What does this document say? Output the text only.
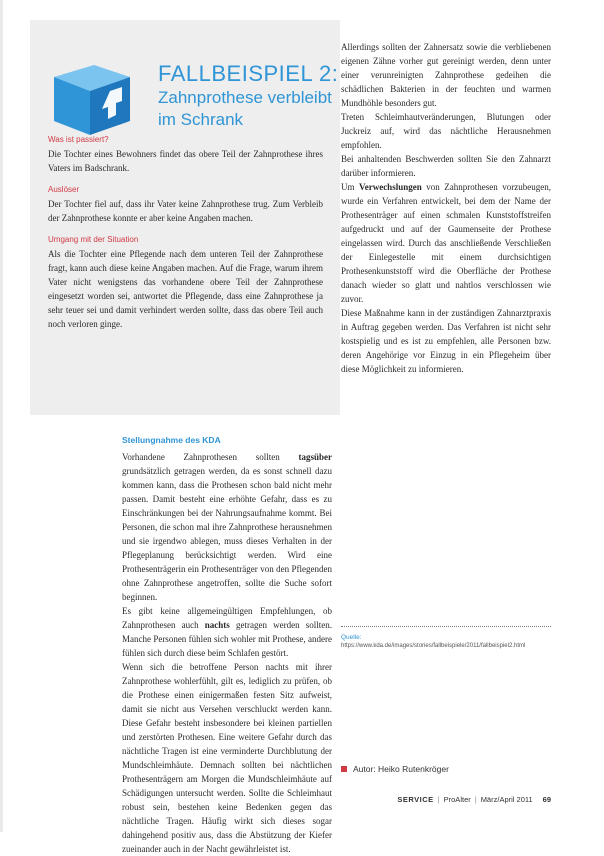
FALLBEISPIEL 2:
Zahnprothese verbleibt
im Schrank
Was ist passiert?
Die Tochter eines Bewohners findet das obere Teil der Zahnprothese ihres Vaters im Badschrank.
Auslöser
Der Tochter fiel auf, dass ihr Vater keine Zahnprothese trug. Zum Verbleib der Zahnprothese konnte er aber keine Angaben machen.
Umgang mit der Situation
Als die Tochter eine Pflegende nach dem unteren Teil der Zahnprothese fragt, kann auch diese keine Angaben machen. Auf die Frage, warum ihrem Vater nicht wenigstens das vorhandene obere Teil der Zahnprothese eingesetzt worden sei, antwortet die Pflegende, dass eine Zahnprothese ja sehr teuer sei und damit verhindert werden sollte, dass das obere Teil auch noch verloren ginge.
Stellungnahme des KDA

Vorhandene Zahnprothesen sollten tagsüber grundsätzlich getragen werden, da es sonst schnell dazu kommen kann, dass die Prothesen schon bald nicht mehr passen. Damit besteht eine erhöhte Gefahr, dass es zu Einschränkungen bei der Nahrungsaufnahme kommt. Bei Personen, die schon mal ihre Zahnprothese herausnehmen und sie irgendwo ablegen, muss dieses Verhalten in der Pflegeplanung berücksichtigt werden. Wird eine Prothesenträgerin ein Prothesenträger von den Pflegenden ohne Zahnprothese angetroffen, sollte die Suche sofort beginnen.

Es gibt keine allgemeingültigen Empfehlungen, ob Zahnprothesen auch nachts getragen werden sollten. Manche Personen fühlen sich wohler mit Prothese, andere fühlen sich durch diese beim Schlafen gestört.

Wenn sich die betroffene Person nachts mit ihrer Zahnprothese wohlerfühlt, gilt es, lediglich zu prüfen, ob die Prothese einen einigermaßen festen Sitz aufweist, damit sie nicht aus Versehen verschluckt werden kann. Diese Gefahr besteht insbesondere bei kleinen partiellen und zerstörten Prothesen. Eine weitere Gefahr durch das nächtliche Tragen ist eine verminderte Durchblutung der Mundschleimhäute. Demnach sollten bei nächtlichen Prothesenträgern am Morgen die Mundschleimhäute auf Schädigungen untersucht werden. Sollte die Schleimhaut robust sein, bestehen keine Bedenken gegen das nächtliche Tragen. Häufig wirkt sich dieses sogar dahingehend positiv aus, dass die Abstützung der Kiefer zueinander auch in der Nacht gewährleistet ist.

Allerdings sollten der Zahnersatz sowie die verbliebenen eigenen Zähne vorher gut gereinigt werden, denn unter einer verunreinigten Zahnprothese gedeihen die schädlichen Bakterien in der feuchten und warmen Mundhöhle besonders gut.

Treten Schleimhautveränderungen, Blutungen oder Juckreiz auf, wird das nächtliche Herausnehmen empfohlen.

Bei anhaltenden Beschwerden sollten Sie den Zahnarzt darüber informieren.

Um Verwechslungen von Zahnprothesen vorzubeugen, wurde ein Verfahren entwickelt, bei dem der Name der Prothesenträger auf einen schmalen Kunststoffstreifen aufgedruckt und auf der Gaumenseite der Prothese eingelassen wird. Durch das anschließende Verschließen der Einlegestelle mit einem durchsichtigen Prothesenkunststoff wird die Oberfläche der Prothese danach wieder so glatt und nahtlos verschlossen wie zuvor.

Diese Maßnahme kann in der zuständigen Zahnarztpraxis in Auftrag gegeben werden. Das Verfahren ist nicht sehr kostspielig und es ist zu empfehlen, alle Personen bzw. deren Angehörige vor Einzug in ein Pflegeheim über diese Möglichkeit zu informieren.

Quelle:
https://www.kda.de/images/stories/fallbeispiele/2011/fallbeispiel2.html
Autor: Heiko Rutenkröger
SERVICE | ProAlter | März/April 2011 69
